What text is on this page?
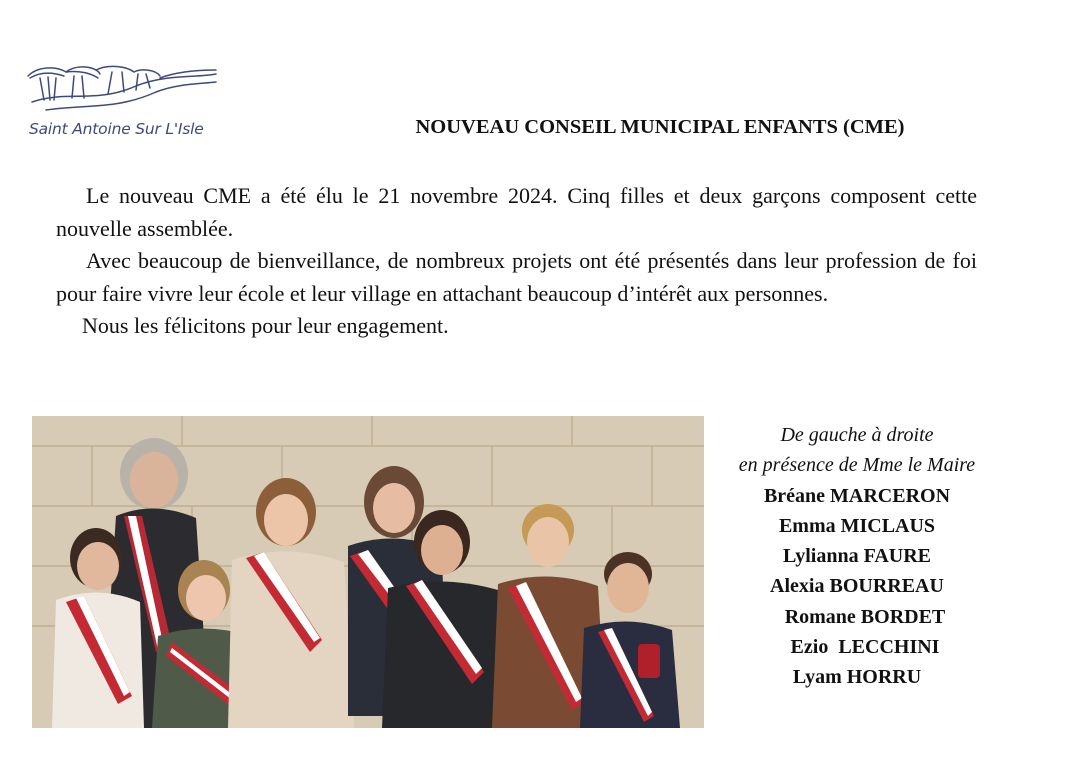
Saint Antoine Sur L'Isle	NOUVEAU CONSEIL MUNICIPAL ENFANTS (CME)

Le nouveau CME a été élu le 21 novembre 2024. Cinq filles et deux garçons composent cette nouvelle assemblée.

Avec beaucoup de bienveillance, de nombreux projets ont été présentés dans leur profession de foi pour faire vivre leur école et leur village en attachant beaucoup d’intérêt aux personnes.

Nous les félicitons pour leur engagement.

De gauche à droite
en présence de Mme le Maire
Bréane MARCERON
Emma MICLAUS
Lylianna FAURE
Alexia BOURREAU
Romane BORDET
Ezio  LECCHINI
Lyam HORRU
